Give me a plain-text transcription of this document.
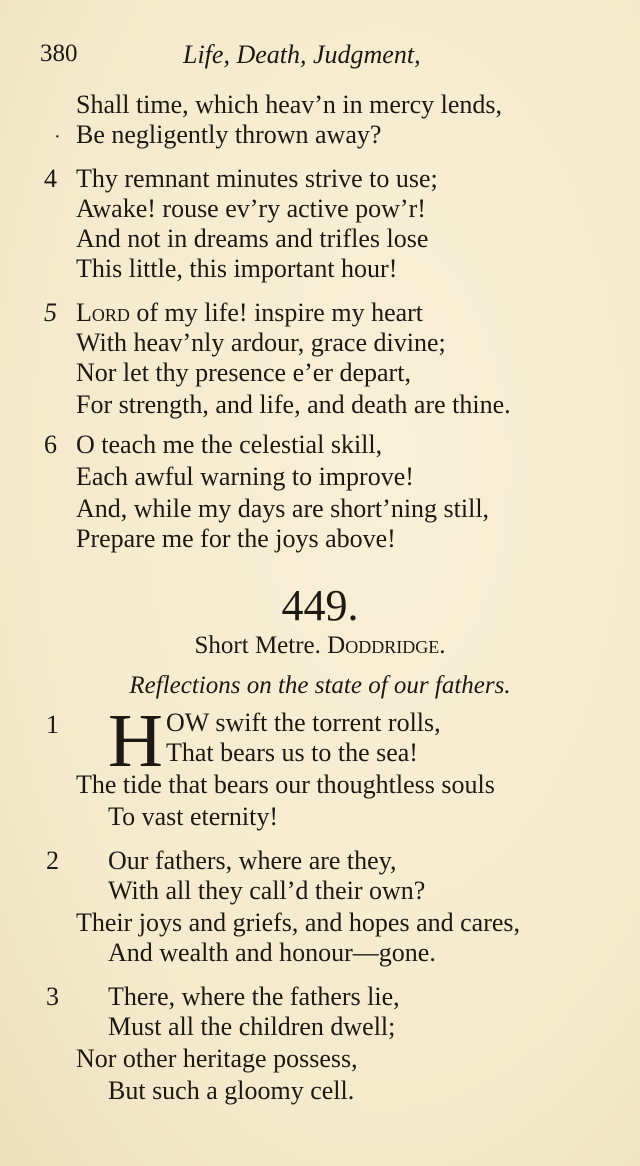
380	Life, Death, Judgment,
Shall time, which heav’n in mercy lends,
· Be negligently thrown away?
4 Thy remnant minutes strive to use;
Awake! rouse ev’ry active pow’r!
And not in dreams and trifles lose
This little, this important hour!
5 Lord of my life! inspire my heart
With heav’nly ardour, grace divine;
Nor let thy presence e’er depart,
For strength, and life, and death are thine.
6 O teach me the celestial skill,
Each awful warning to improve!
And, while my days are short’ning still,
Prepare me for the joys above!
449.
Short Metre. Doddridge.
Reflections on the state of our fathers.
1 H OW swift the torrent rolls,
That bears us to the sea!
The tide that bears our thoughtless souls
To vast eternity!
2 Our fathers, where are they,
With all they call’d their own?
Their joys and griefs, and hopes and cares,
And wealth and honour—gone.
3 There, where the fathers lie,
Must all the children dwell;
Nor other heritage possess,
But such a gloomy cell.
